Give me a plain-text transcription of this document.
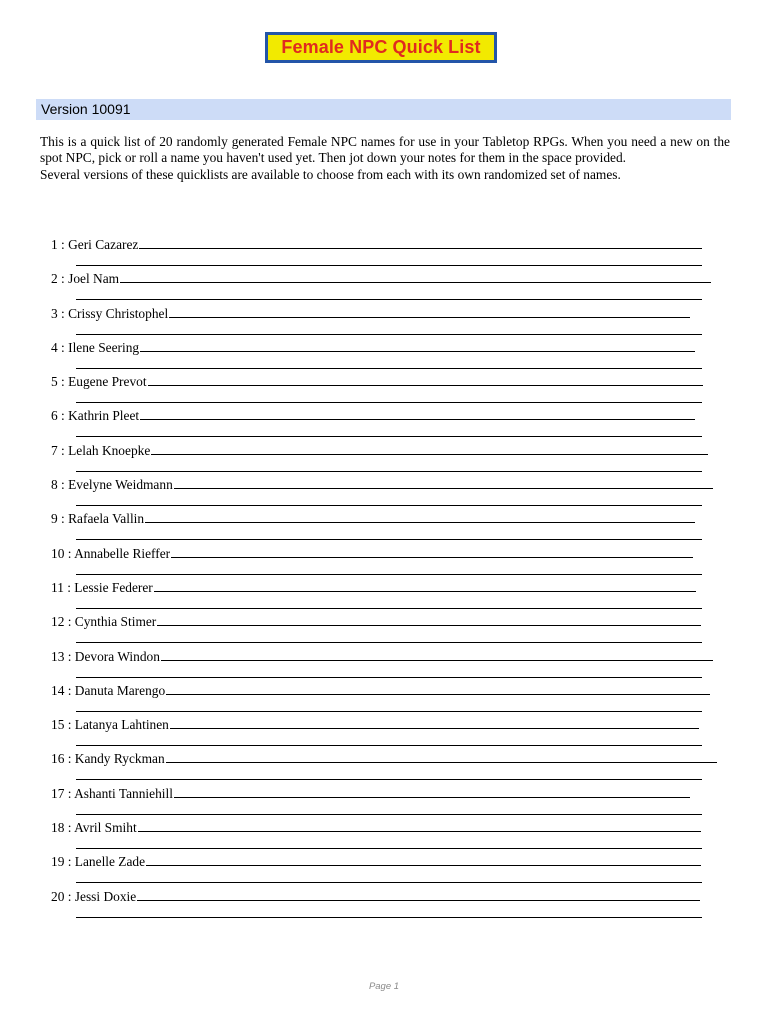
Female NPC Quick List
Version 10091

This is a quick list of 20 randomly generated Female NPC names for use in your Tabletop RPGs. When you need a new on the spot NPC, pick or roll a name you haven't used yet. Then jot down your notes for them in the space provided.

Several versions of these quicklists are available to choose from each with its own randomized set of names.

1 : Geri Cazarez
2 : Joel Nam
3 : Crissy Christophel
4 : Ilene Seering
5 : Eugene Prevot
6 : Kathrin Pleet
7 : Lelah Knoepke
8 : Evelyne Weidmann
9 : Rafaela Vallin
10 : Annabelle Rieffer
11 : Lessie Federer
12 : Cynthia Stimer
13 : Devora Windon
14 : Danuta Marengo
15 : Latanya Lahtinen
16 : Kandy Ryckman
17 : Ashanti Tanniehill
18 : Avril Smiht
19 : Lanelle Zade
20 : Jessi Doxie
Page 1
